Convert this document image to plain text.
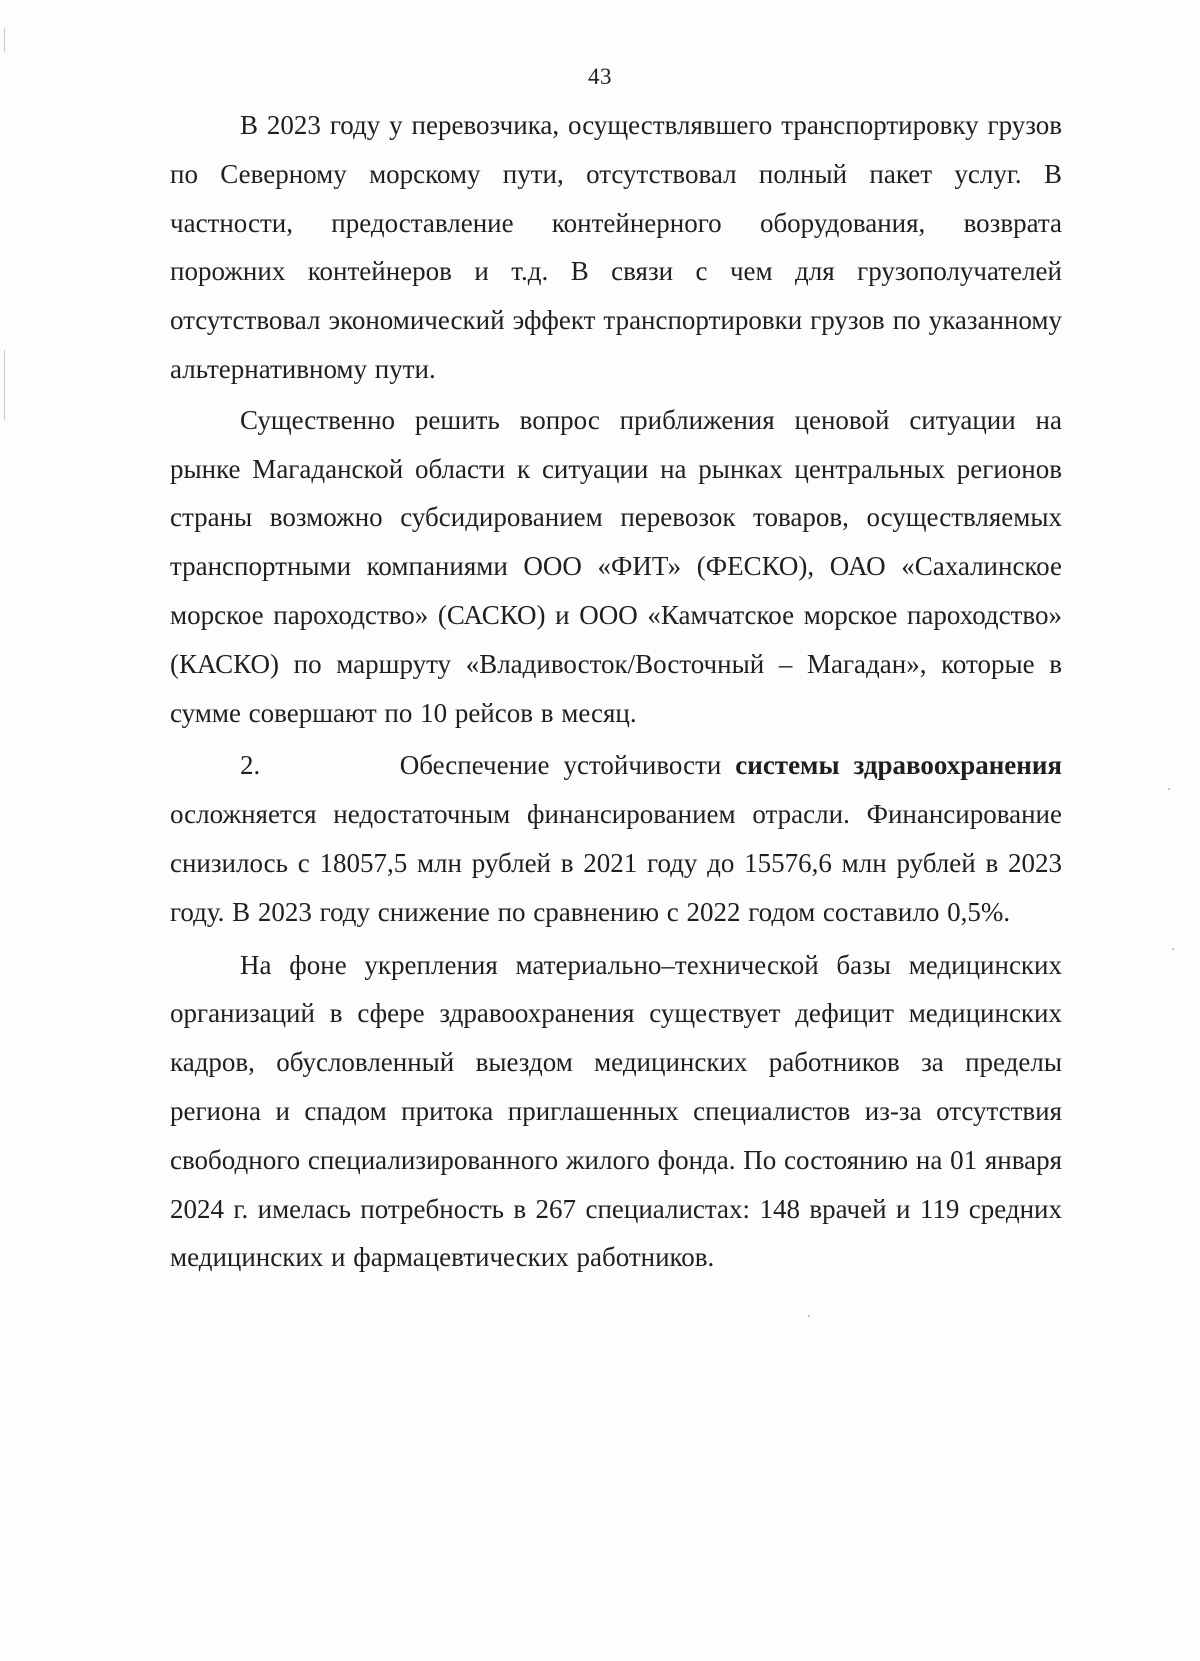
43

В 2023 году у перевозчика, осуществлявшего транспортировку грузов по Северному морскому пути, отсутствовал полный пакет услуг. В частности, предоставление контейнерного оборудования, возврата порожних контейнеров и т.д. В связи с чем для грузополучателей отсутствовал экономический эффект транспортировки грузов по указанному альтернативному пути.

Существенно решить вопрос приближения ценовой ситуации на рынке Магаданской области к ситуации на рынках центральных регионов страны возможно субсидированием перевозок товаров, осуществляемых транспортными компаниями ООО «ФИТ» (ФЕСКО), ОАО «Сахалинское морское пароходство» (САСКО) и ООО «Камчатское морское пароходство» (КАСКО) по маршруту «Владивосток/Восточный – Магадан», которые в сумме совершают по 10 рейсов в месяц.

2.	Обеспечение устойчивости системы здравоохранения осложняется недостаточным финансированием отрасли. Финансирование снизилось с 18057,5 млн рублей в 2021 году до 15576,6 млн рублей в 2023 году. В 2023 году снижение по сравнению с 2022 годом составило 0,5%.

На фоне укрепления материально–технической базы медицинских организаций в сфере здравоохранения существует дефицит медицинских кадров, обусловленный выездом медицинских работников за пределы региона и спадом притока приглашенных специалистов из-за отсутствия свободного специализированного жилого фонда. По состоянию на 01 января 2024 г. имелась потребность в 267 специалистах: 148 врачей и 119 средних медицинских и фармацевтических работников.
